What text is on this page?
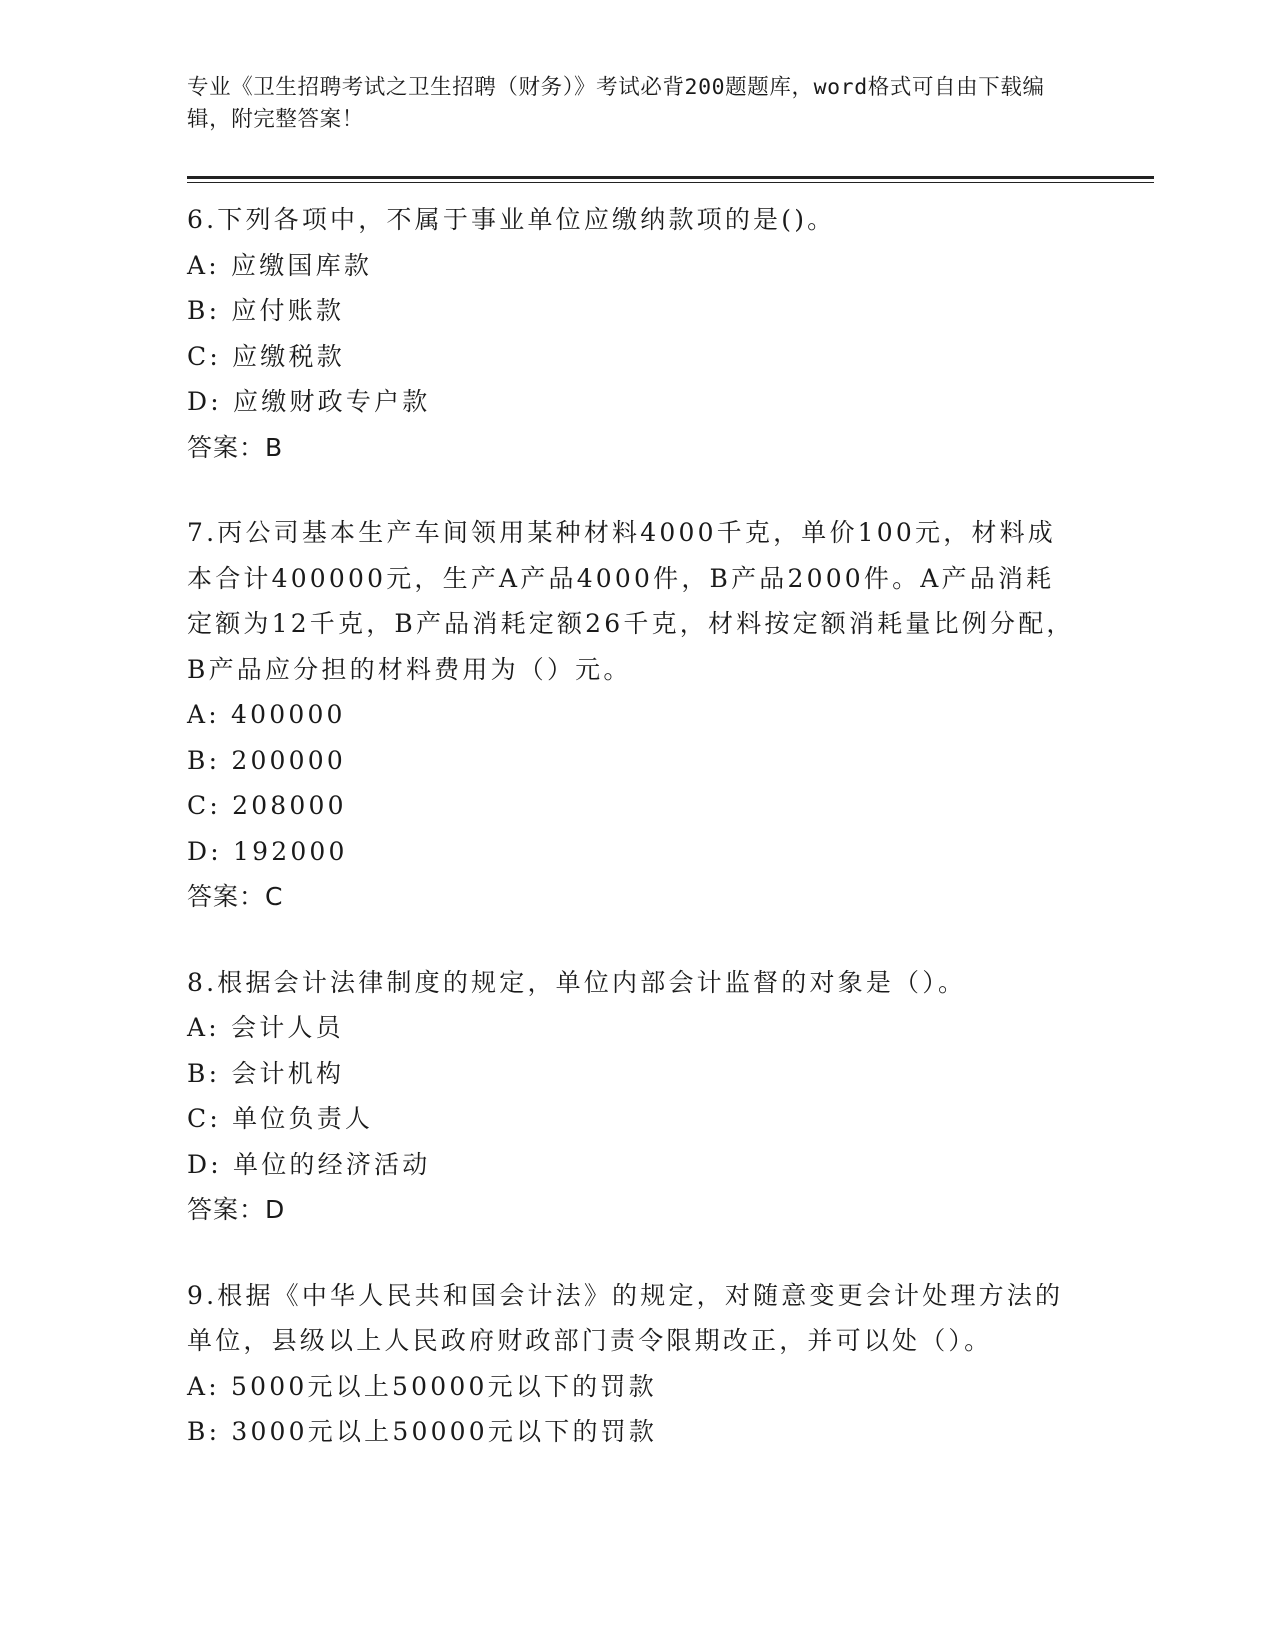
专业《卫生招聘考试之卫生招聘（财务）》考试必背200题题库，word格式可自由下载编辑，附完整答案！

6.下列各项中，不属于事业单位应缴纳款项的是()。

A: 应缴国库款

B: 应付账款

C: 应缴税款

D: 应缴财政专户款

答案：B

7.丙公司基本生产车间领用某种材料4000千克，单价100元，材料成本合计400000元，生产A产品4000件，B产品2000件。A产品消耗定额为12千克，B产品消耗定额26千克，材料按定额消耗量比例分配，B产品应分担的材料费用为（）元。

A: 400000

B: 200000

C: 208000

D: 192000

答案：C

8.根据会计法律制度的规定，单位内部会计监督的对象是（）。

A: 会计人员

B: 会计机构

C: 单位负责人

D: 单位的经济活动

答案：D

9.根据《中华人民共和国会计法》的规定，对随意变更会计处理方法的单位，县级以上人民政府财政部门责令限期改正，并可以处（）。

A: 5000元以上50000元以下的罚款

B: 3000元以上50000元以下的罚款
